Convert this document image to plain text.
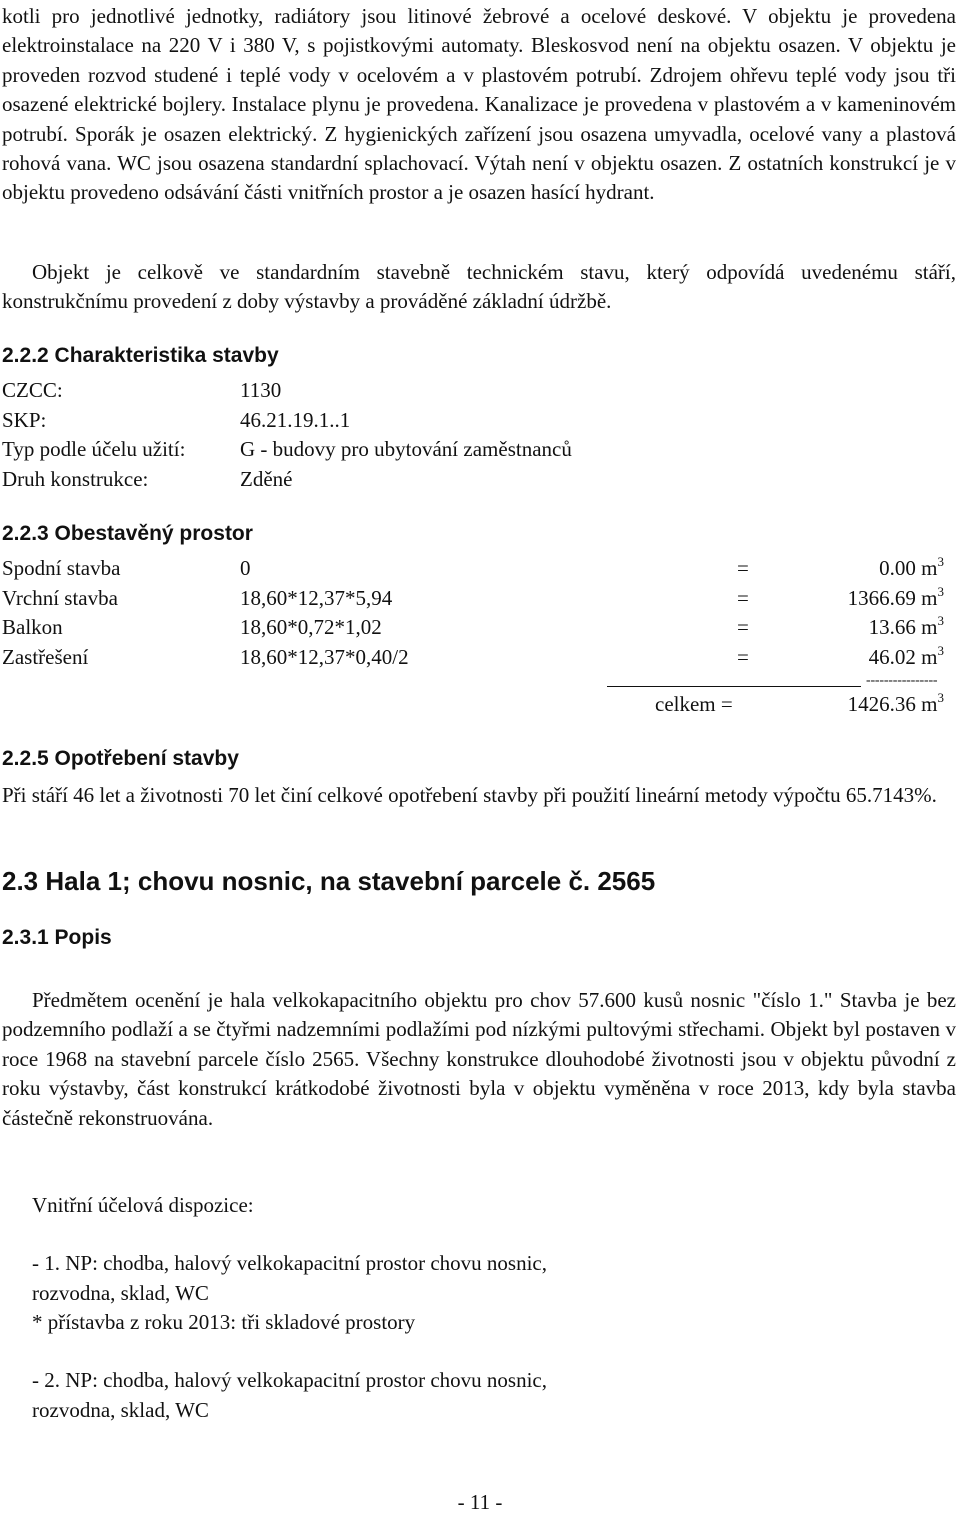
kotli pro jednotlivé jednotky, radiátory jsou litinové žebrové a ocelové deskové. V objektu je provedena elektroinstalace na 220 V i 380 V, s pojistkovými automaty. Bleskosvod není na objektu osazen. V objektu je proveden rozvod studené i teplé vody v ocelovém a v plastovém potrubí. Zdrojem ohřevu teplé vody jsou tři osazené elektrické bojlery. Instalace plynu je provedena. Kanalizace je provedena v plastovém a v kameninovém potrubí. Sporák je osazen elektrický. Z hygienických zařízení jsou osazena umyvadla, ocelové vany a plastová rohová vana. WC jsou osazena standardní splachovací. Výtah není v objektu osazen. Z ostatních konstrukcí je v objektu provedeno odsávání části vnitřních prostor a je osazen hasící hydrant.

Objekt je celkově ve standardním stavebně technickém stavu, který odpovídá uvedenému stáří, konstrukčnímu provedení z doby výstavby a prováděné základní údržbě.

2.2.2 Charakteristika stavby
CZCC:	1130
SKP:	46.21.19.1..1
Typ podle účelu užití:	G - budovy pro ubytování zaměstnanců
Druh konstrukce:	Zděné
2.2.3 Obestavěný prostor
Spodní stavba	0	=	0.00 $m^3$
Vrchní stavba	18,60*12,37*5,94	=	1366.69 $m^3$
Balkon	18,60*0,72*1,02	=	13.66 $m^3$
Zastřešení	18,60*12,37*0,40/2	=	46.02 $m^3$
----------------
celkem =	1426.36 $m^3$
2.2.5 Opotřebení stavby

Při stáří 46 let a životnosti 70 let činí celkové opotřebení stavby při použití lineární metody výpočtu 65.7143%.

2.3 Hala 1; chovu nosnic, na stavební parcele č. 2565
2.3.1 Popis

Předmětem ocenění je hala velkokapacitního objektu pro chov 57.600 kusů nosnic "číslo 1." Stavba je bez podzemního podlaží a se čtyřmi nadzemními podlažími pod nízkými pultovými střechami. Objekt byl postaven v roce 1968 na stavební parcele číslo 2565. Všechny konstrukce dlouhodobé životnosti jsou v objektu původní z roku výstavby, část konstrukcí krátkodobé životnosti byla v objektu vyměněna v roce 2013, kdy byla stavba částečně rekonstruována.

Vnitřní účelová dispozice:

- 1. NP: chodba, halový velkokapacitní prostor chovu nosnic,
rozvodna, sklad, WC
* přístavba z roku 2013: tři skladové prostory
- 2. NP: chodba, halový velkokapacitní prostor chovu nosnic,
rozvodna, sklad, WC
- 11 -
